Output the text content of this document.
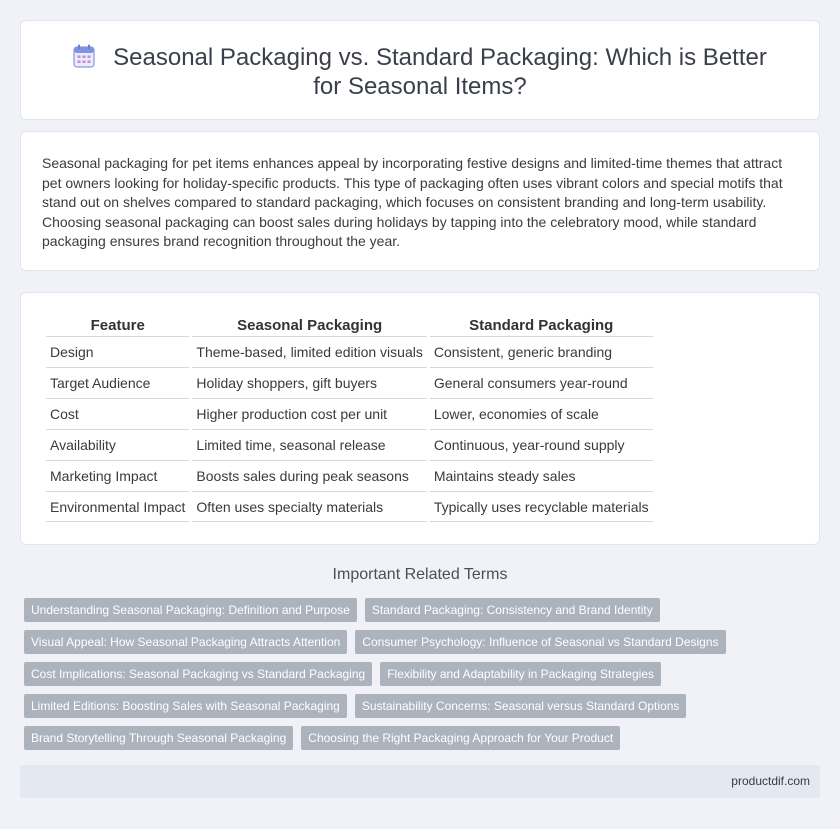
Seasonal Packaging vs. Standard Packaging: Which is Better for Seasonal Items?

Seasonal packaging for pet items enhances appeal by incorporating festive designs and limited-time themes that attract pet owners looking for holiday-specific products. This type of packaging often uses vibrant colors and special motifs that stand out on shelves compared to standard packaging, which focuses on consistent branding and long-term usability. Choosing seasonal packaging can boost sales during holidays by tapping into the celebratory mood, while standard packaging ensures brand recognition throughout the year.

Feature	Seasonal Packaging	Standard Packaging
Design	Theme-based, limited edition visuals	Consistent, generic branding
Target Audience	Holiday shoppers, gift buyers	General consumers year-round
Cost	Higher production cost per unit	Lower, economies of scale
Availability	Limited time, seasonal release	Continuous, year-round supply
Marketing Impact	Boosts sales during peak seasons	Maintains steady sales
Environmental Impact	Often uses specialty materials	Typically uses recyclable materials
Important Related Terms
Understanding Seasonal Packaging: Definition and Purpose	Standard Packaging: Consistency and Brand Identity
Visual Appeal: How Seasonal Packaging Attracts Attention	Consumer Psychology: Influence of Seasonal vs Standard Designs
Cost Implications: Seasonal Packaging vs Standard Packaging	Flexibility and Adaptability in Packaging Strategies
Limited Editions: Boosting Sales with Seasonal Packaging	Sustainability Concerns: Seasonal versus Standard Options
Brand Storytelling Through Seasonal Packaging	Choosing the Right Packaging Approach for Your Product
productdif.com
